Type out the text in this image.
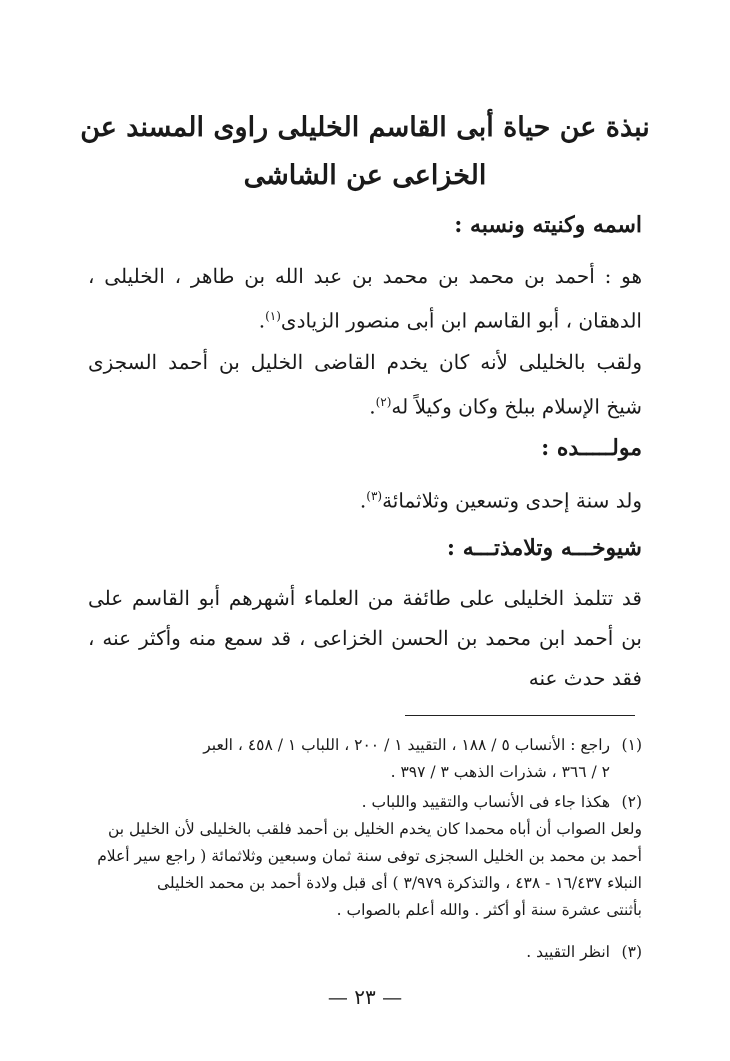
نبذة عن حياة أبى القاسم الخليلى راوى المسند عن الخزاعى عن الشاشى
اسمه وكنيته ونسبه :
هو : أحمد بن محمد بن محمد بن عبد الله بن طاهر ، الخليلى ، الدهقان ، أبو القاسم ابن أبى منصور الزيادى$^{(١)}$.
ولقب بالخليلى لأنه كان يخدم القاضى الخليل بن أحمد السجزى شيخ الإسلام ببلخ وكان وكيلاً له$^{(٢)}$.
مولـــــده :
ولد سنة إحدى وتسعين وثلاثمائة$^{(٣)}$.
شيوخـــه وتلامذتـــه :
قد تتلمذ الخليلى على طائفة من العلماء أشهرهم أبو القاسم على بن أحمد ابن محمد بن الحسن الخزاعى ، قد سمع منه وأكثر عنه ، فقد حدث عنه
(١)راجع : الأنساب ٥ / ١٨٨ ، التقييد ١ / ٢٠٠ ، اللباب ١ / ٤٥٨ ، العبر
٢ / ٣٦٦ ، شذرات الذهب ٣ / ٣٩٧ .
(٢)هكذا جاء فى الأنساب والتقييد واللباب .
ولعل الصواب أن أباه محمدا كان يخدم الخليل بن أحمد فلقب بالخليلى لأن الخليل بن
أحمد بن محمد بن الخليل السجزى توفى سنة ثمان وسبعين وثلاثمائة ( راجع سير أعلام
النبلاء ١٦/٤٣٧ - ٤٣٨ ، والتذكرة ٣/٩٧٩ ) أى قبل ولادة أحمد بن محمد الخليلى
بأثنتى عشرة سنة أو أكثر . والله أعلم بالصواب .
(٣)انظر التقييد .
— ٢٣ —
